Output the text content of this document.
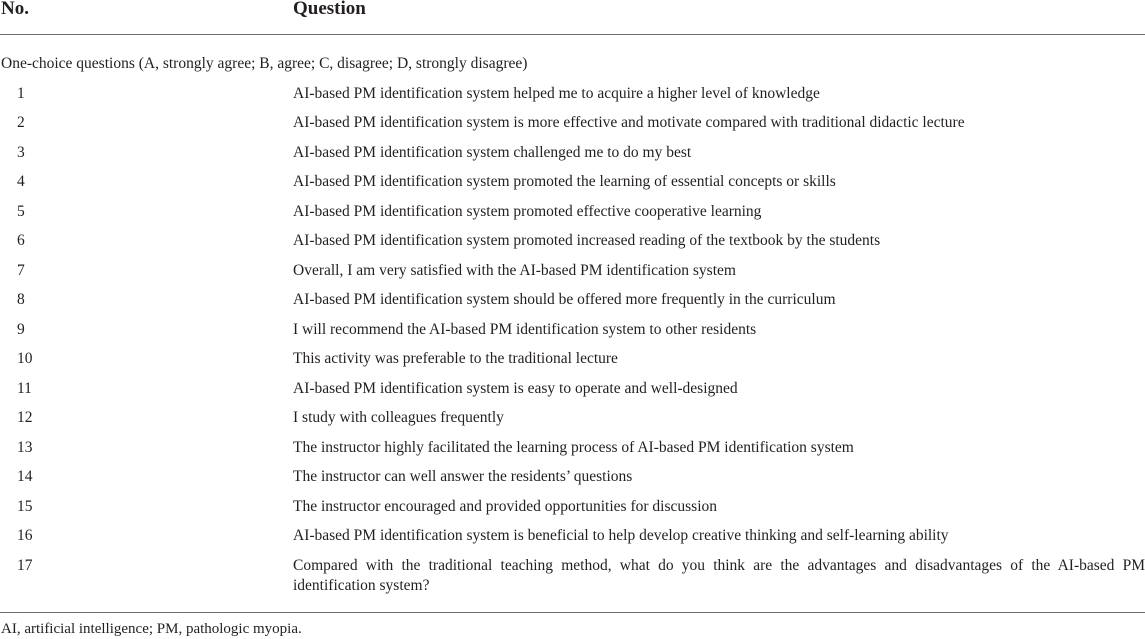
No.	Question
One-choice questions (A, strongly agree; B, agree; C, disagree; D, strongly disagree)
1	AI-based PM identification system helped me to acquire a higher level of knowledge
2	AI-based PM identification system is more effective and motivate compared with traditional didactic lecture
3	AI-based PM identification system challenged me to do my best
4	AI-based PM identification system promoted the learning of essential concepts or skills
5	AI-based PM identification system promoted effective cooperative learning
6	AI-based PM identification system promoted increased reading of the textbook by the students
7	Overall, I am very satisfied with the AI-based PM identification system
8	AI-based PM identification system should be offered more frequently in the curriculum
9	I will recommend the AI-based PM identification system to other residents
10	This activity was preferable to the traditional lecture
11	AI-based PM identification system is easy to operate and well-designed
12	I study with colleagues frequently
13	The instructor highly facilitated the learning process of AI-based PM identification system
14	The instructor can well answer the residents’ questions
15	The instructor encouraged and provided opportunities for discussion
16	AI-based PM identification system is beneficial to help develop creative thinking and self-learning ability
17	Compared with the traditional teaching method, what do you think are the advantages and disadvantages of the AI-based PM identification system?
AI, artificial intelligence; PM, pathologic myopia.
